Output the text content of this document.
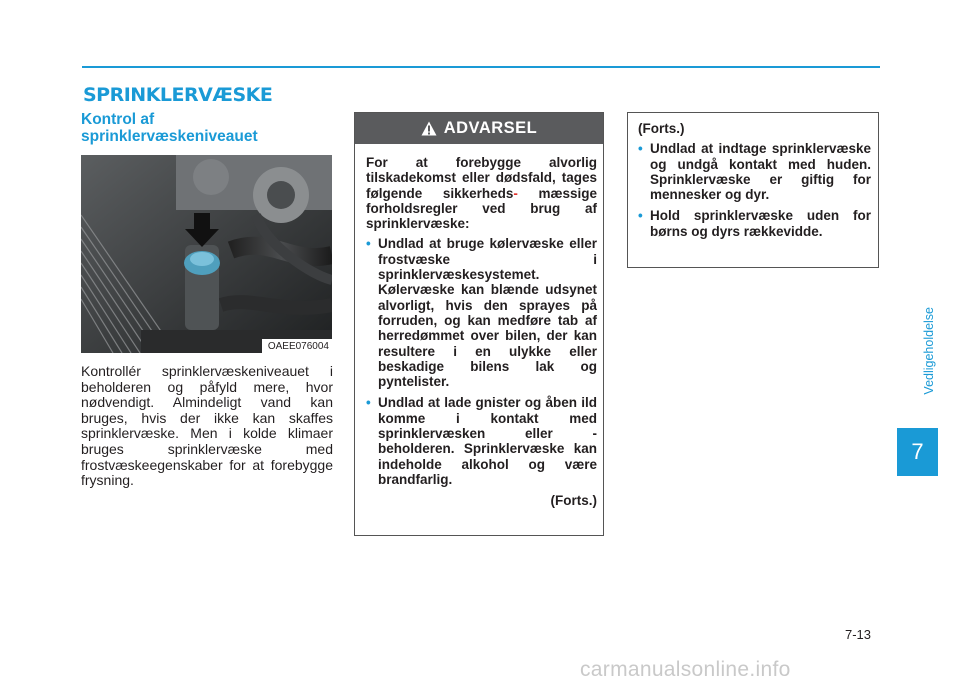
SPRINKLERVÆSKE
Kontrol af sprinklervæskeniveauet
OAEE076004

Kontrollér sprinklervæskeniveauet i beholderen og påfyld mere, hvor nødvendigt. Almindeligt vand kan bruges, hvis der ikke kan skaffes sprinklervæske. Men i kolde klimaer bruges sprinklervæske med frostvæskeegenskaber for at forebygge frysning.

ADVARSEL

For at forebygge alvorlig tilskadekomst eller dødsfald, tages følgende sikkerheds- mæssige forholdsregler ved brug af sprinklervæske:

• Undlad at bruge kølervæske eller frostvæske i sprinklervæskesystemet. Kølervæske kan blænde udsynet alvorligt, hvis den sprayes på forruden, og kan medføre tab af herredømmet over bilen, der kan resultere i en ulykke eller beskadige bilens lak og pyntelister.
• Undlad at lade gnister og åben ild komme i kontakt med sprinklervæsken eller -beholderen. Sprinklervæske kan indeholde alkohol og være brandfarlig.
(Forts.)

(Forts.)

• Undlad at indtage sprinklervæske og undgå kontakt med huden. Sprinklervæske er giftig for mennesker og dyr.
• Hold sprinklervæske uden for børns og dyrs rækkevidde.
Vedligeholdelse
7
7-13
carmanualsonline.info
